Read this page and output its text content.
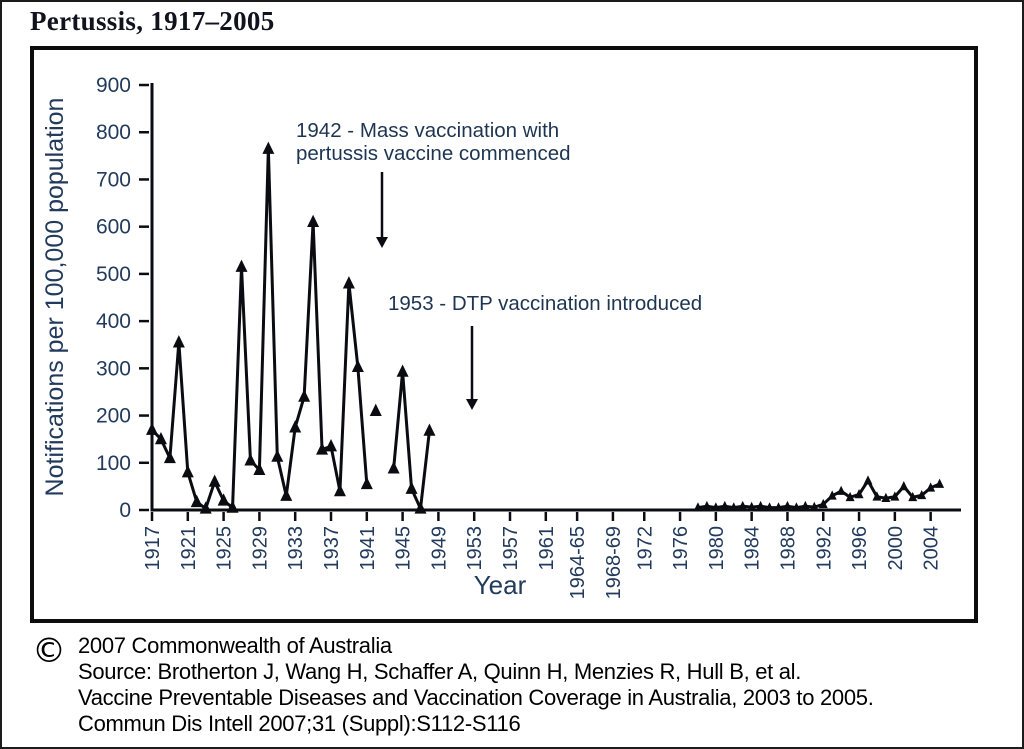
Pertussis, 1917–2005
0
100
200
300
400
500
600
700
800
900
1917 1921 1925 1929 1933 1937 1941 1945 1949 1953 1957 1961 1964-65 1968-69 1972 1976 1980 1984 1988 1992 1996 2000 2004
Notifications per 100,000 population
Year
1942 - Mass vaccination with
pertussis vaccine commenced
1953 - DTP vaccination introduced
© 2007 Commonwealth of Australia
Source: Brotherton J, Wang H, Schaffer A, Quinn H, Menzies R, Hull B, et al.
Vaccine Preventable Diseases and Vaccination Coverage in Australia, 2003 to 2005.
Commun Dis Intell 2007;31 (Suppl):S112-S116
